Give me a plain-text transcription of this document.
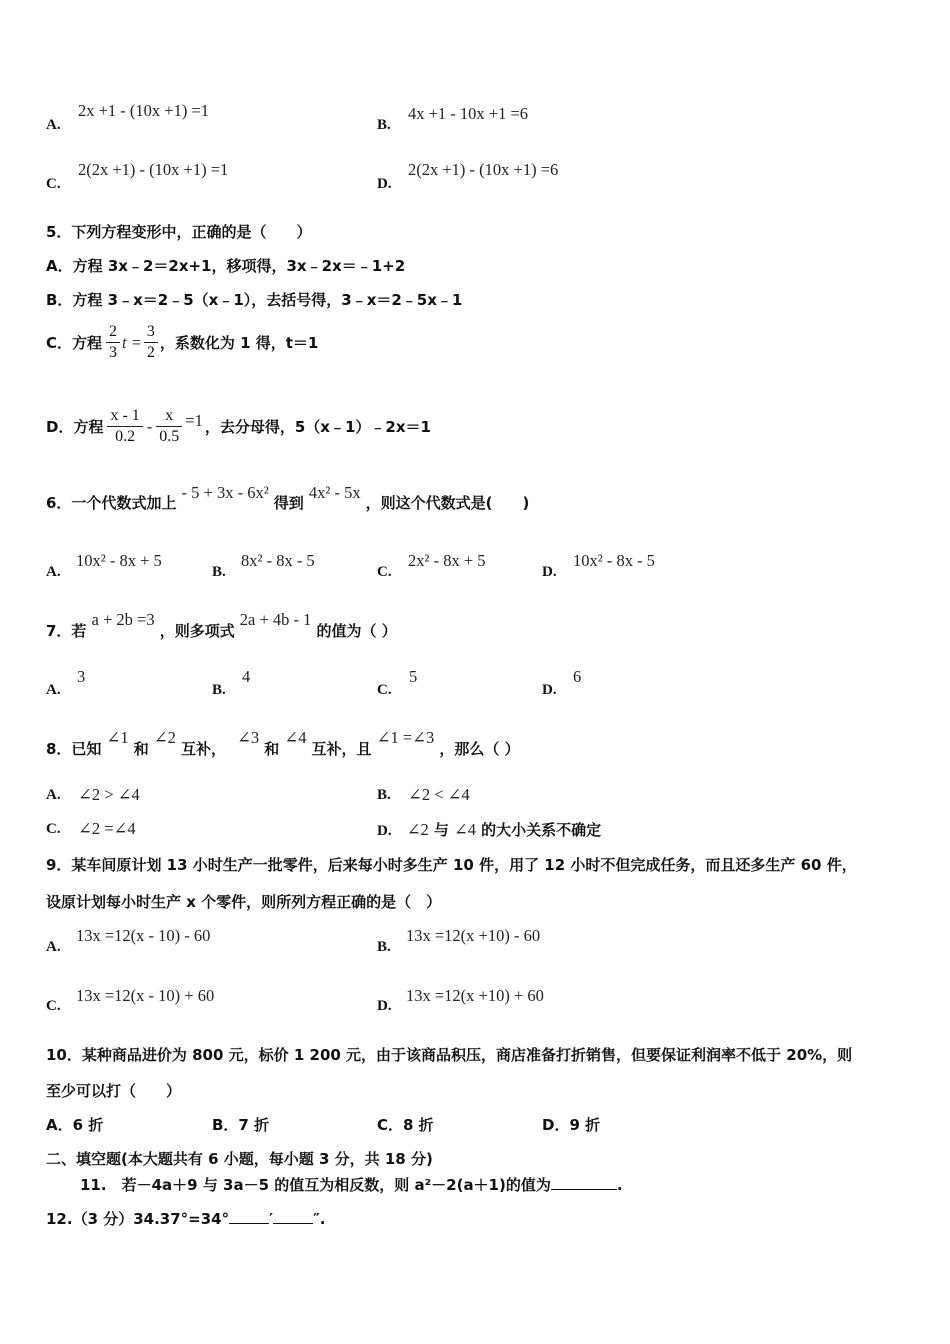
A.
2x +1 - (10x +1) =1
B.
4x +1 - 10x +1 =6
C.
2(2x +1) - (10x +1) =1
D.
2(2x +1) - (10x +1) =6
5．下列方程变形中，正确的是（　　）
A．方程 3x﹣2＝2x+1，移项得，3x﹣2x＝﹣1+2
B．方程 3﹣x＝2﹣5（x﹣1），去括号得，3﹣x＝2﹣5x﹣1
C．方程 $\frac{2}{3}$ $t = \frac{3}{2}$ ，系数化为 1 得，t＝1
D．方程 $\frac{x - 1}{0.2} - \frac{x}{0.5} =1$ ，去分母得，5（x﹣1）﹣2x＝1
6．一个代数式加上 - 5 + 3x - 6x² 得到 4x² - 5x ，则这个代数式是(　　)
A.
10x² - 8x + 5
B.
8x² - 8x - 5
C.
2x² - 8x + 5
D.
10x² - 8x - 5
7．若 a + 2b =3 ，则多项式 2a + 4b - 1 的值为（ ）
A.
3
B.
4
C.
5
D.
6
8．已知 ∠1 和 ∠2 互补， ∠3 和 ∠4 互补，且 ∠1 =∠3 ，那么（ ）
A. ∠2 > ∠4	B. ∠2 < ∠4
C. ∠2 =∠4	D. ∠2 与 ∠4 的大小关系不确定
9．某车间原计划 13 小时生产一批零件，后来每小时多生产 10 件，用了 12 小时不但完成任务，而且还多生产 60 件，
设原计划每小时生产 x 个零件，则所列方程正确的是（　）
A.
13x =12(x - 10) - 60
B.
13x =12(x +10) - 60
C.
13x =12(x - 10) + 60
D.
13x =12(x +10) + 60
10．某种商品进价为 800 元，标价 1 200 元，由于该商品积压，商店准备打折销售，但要保证利润率不低于 20%，则
至少可以打（　　）
A．6 折	B．7 折	C．8 折	D．9 折
二、填空题(本大题共有 6 小题，每小题 3 分，共 18 分)
11.　若－4a＋9 与 3a－5 的值互为相反数，则 a²－2(a＋1)的值为	.
12.（3 分）34.37°=34°	′	″.
